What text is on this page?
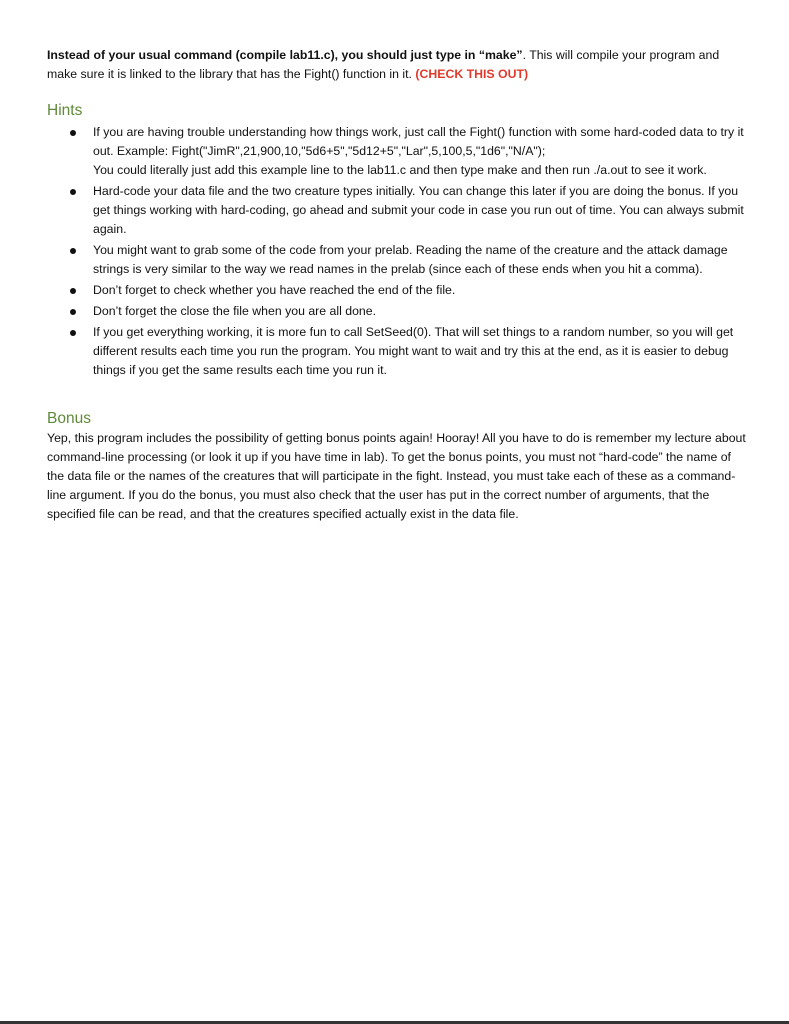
Instead of your usual command (compile lab11.c), you should just type in “make”. This will compile your program and make sure it is linked to the library that has the Fight() function in it. (CHECK THIS OUT)

Hints
If you are having trouble understanding how things work, just call the Fight() function with some hard-coded data to try it out. Example: Fight("JimR",21,900,10,"5d6+5","5d12+5","Lar",5,100,5,"1d6","N/A");
You could literally just add this example line to the lab11.c and then type make and then run ./a.out to see it work.
Hard-code your data file and the two creature types initially. You can change this later if you are doing the bonus. If you get things working with hard-coding, go ahead and submit your code in case you run out of time. You can always submit again.
You might want to grab some of the code from your prelab. Reading the name of the creature and the attack damage strings is very similar to the way we read names in the prelab (since each of these ends when you hit a comma).
Don’t forget to check whether you have reached the end of the file.
Don’t forget the close the file when you are all done.
If you get everything working, it is more fun to call SetSeed(0). That will set things to a random number, so you will get different results each time you run the program. You might want to wait and try this at the end, as it is easier to debug things if you get the same results each time you run it.
Bonus

Yep, this program includes the possibility of getting bonus points again! Hooray! All you have to do is remember my lecture about command-line processing (or look it up if you have time in lab). To get the bonus points, you must not “hard-code” the name of the data file or the names of the creatures that will participate in the fight. Instead, you must take each of these as a command-line argument. If you do the bonus, you must also check that the user has put in the correct number of arguments, that the specified file can be read, and that the creatures specified actually exist in the data file.
